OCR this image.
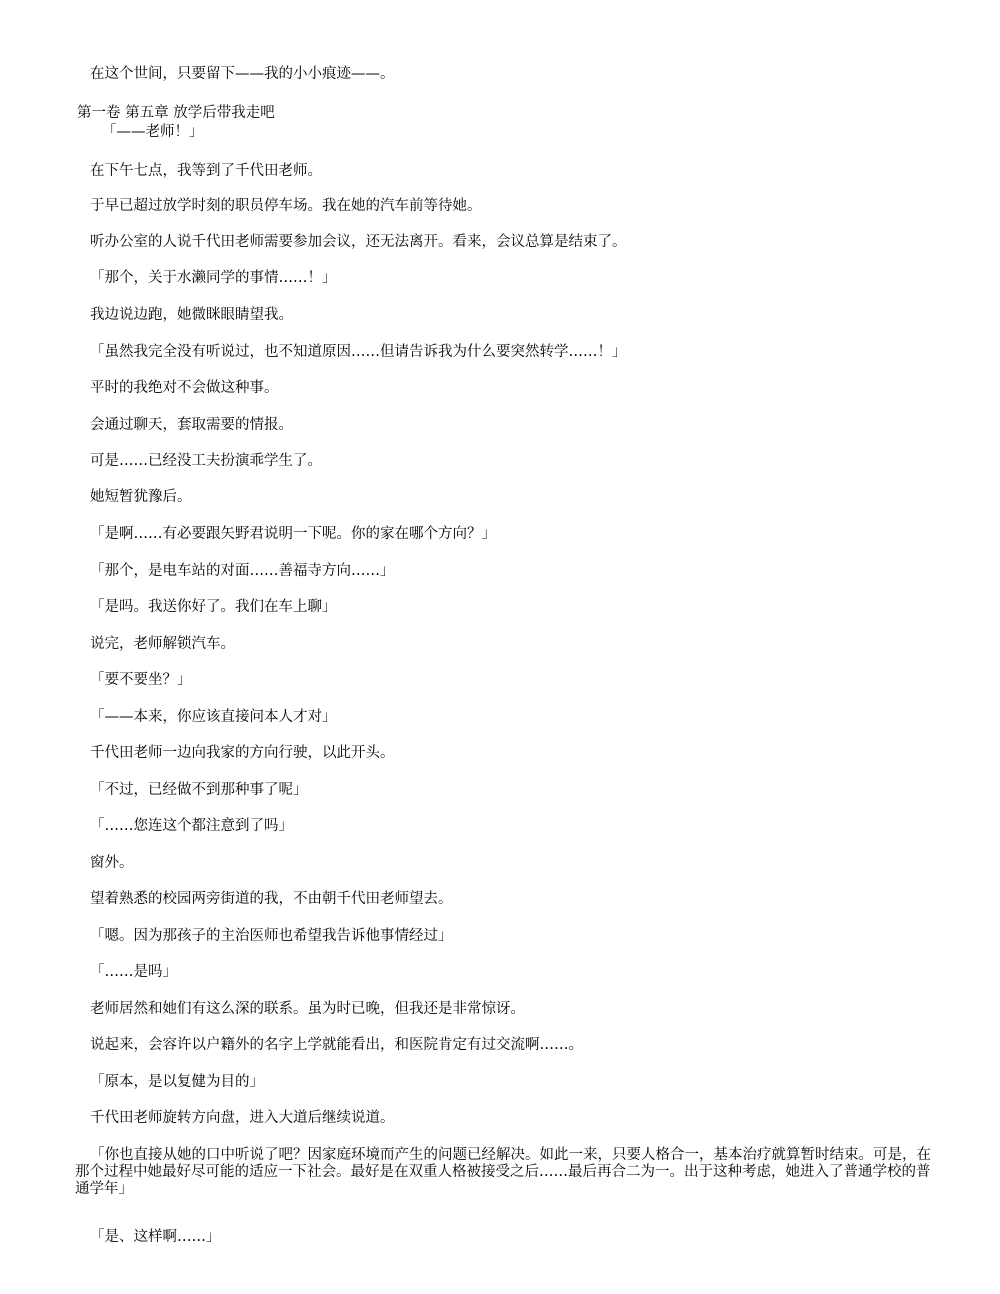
在这个世间，只要留下——我的小小痕迹——。

第一卷 第五章 放学后带我走吧

「——老师！」

在下午七点，我等到了千代田老师。

于早已超过放学时刻的职员停车场。我在她的汽车前等待她。

听办公室的人说千代田老师需要参加会议，还无法离开。看来，会议总算是结束了。

「那个，关于水濑同学的事情……！」

我边说边跑，她微眯眼睛望我。

「虽然我完全没有听说过，也不知道原因……但请告诉我为什么要突然转学……！」

平时的我绝对不会做这种事。

会通过聊天，套取需要的情报。

可是……已经没工夫扮演乖学生了。

她短暂犹豫后。

「是啊……有必要跟矢野君说明一下呢。你的家在哪个方向？」

「那个，是电车站的对面……善福寺方向……」

「是吗。我送你好了。我们在车上聊」

说完，老师解锁汽车。

「要不要坐？」

「——本来，你应该直接问本人才对」

千代田老师一边向我家的方向行驶，以此开头。

「不过，已经做不到那种事了呢」

「……您连这个都注意到了吗」

窗外。

望着熟悉的校园两旁街道的我，不由朝千代田老师望去。

「嗯。因为那孩子的主治医师也希望我告诉他事情经过」

「……是吗」

老师居然和她们有这么深的联系。虽为时已晚，但我还是非常惊讶。

说起来，会容许以户籍外的名字上学就能看出，和医院肯定有过交流啊……。

「原本，是以复健为目的」

千代田老师旋转方向盘，进入大道后继续说道。

「你也直接从她的口中听说了吧？因家庭环境而产生的问题已经解决。如此一来，只要人格合一，基本治疗就算暂时结束。可是，在那个过程中她最好尽可能的适应一下社会。最好是在双重人格被接受之后……最后再合二为一。出于这种考虑，她进入了普通学校的普通学年」

「是、这样啊……」
